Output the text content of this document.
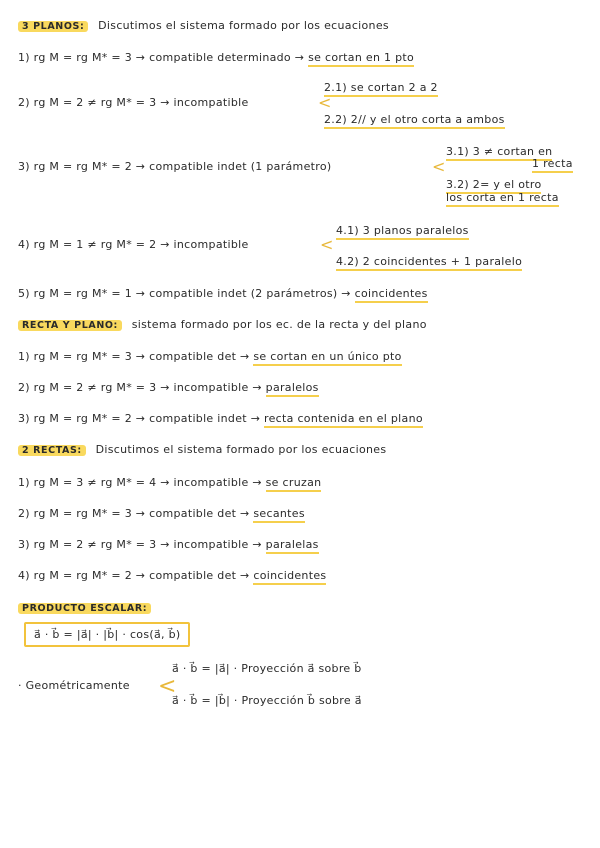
3 PLANOS: Discutimos el sistema formado por los ecuaciones
1) rg M = rg M* = 3 → compatible determinado → se cortan en 1 pto
2) rg M = 2 ≠ rg M* = 3 → incompatible	<
2.1) se cortan 2 a 2
2.2) 2// y el otro corta a ambos
3) rg M = rg M* = 2 → compatible indet (1 parámetro)	<
3.1) 3 ≠ cortan en
1 recta
3.2) 2= y el otro
los corta en 1 recta
4) rg M = 1 ≠ rg M* = 2 → incompatible	<
4.1) 3 planos paralelos
4.2) 2 coincidentes + 1 paralelo
5) rg M = rg M* = 1 → compatible indet (2 parámetros) → coincidentes
RECTA Y PLANO: sistema formado por los ec. de la recta y del plano
1) rg M = rg M* = 3 → compatible det → se cortan en un único pto
2) rg M = 2 ≠ rg M* = 3 → incompatible → paralelos
3) rg M = rg M* = 2 → compatible indet → recta contenida en el plano
2 RECTAS: Discutimos el sistema formado por los ecuaciones
1) rg M = 3 ≠ rg M* = 4 → incompatible → se cruzan
2) rg M = rg M* = 3 → compatible det → secantes
3) rg M = 2 ≠ rg M* = 3 → incompatible → paralelas
4) rg M = rg M* = 2 → compatible det → coincidentes
PRODUCTO ESCALAR:
a⃗ · b⃗ = |a⃗| · |b⃗| · cos(a⃗, b⃗)
· Geométricamente <
a⃗ · b⃗ = |a⃗| · Proyección a⃗ sobre b⃗
a⃗ · b⃗ = |b⃗| · Proyección b⃗ sobre a⃗
